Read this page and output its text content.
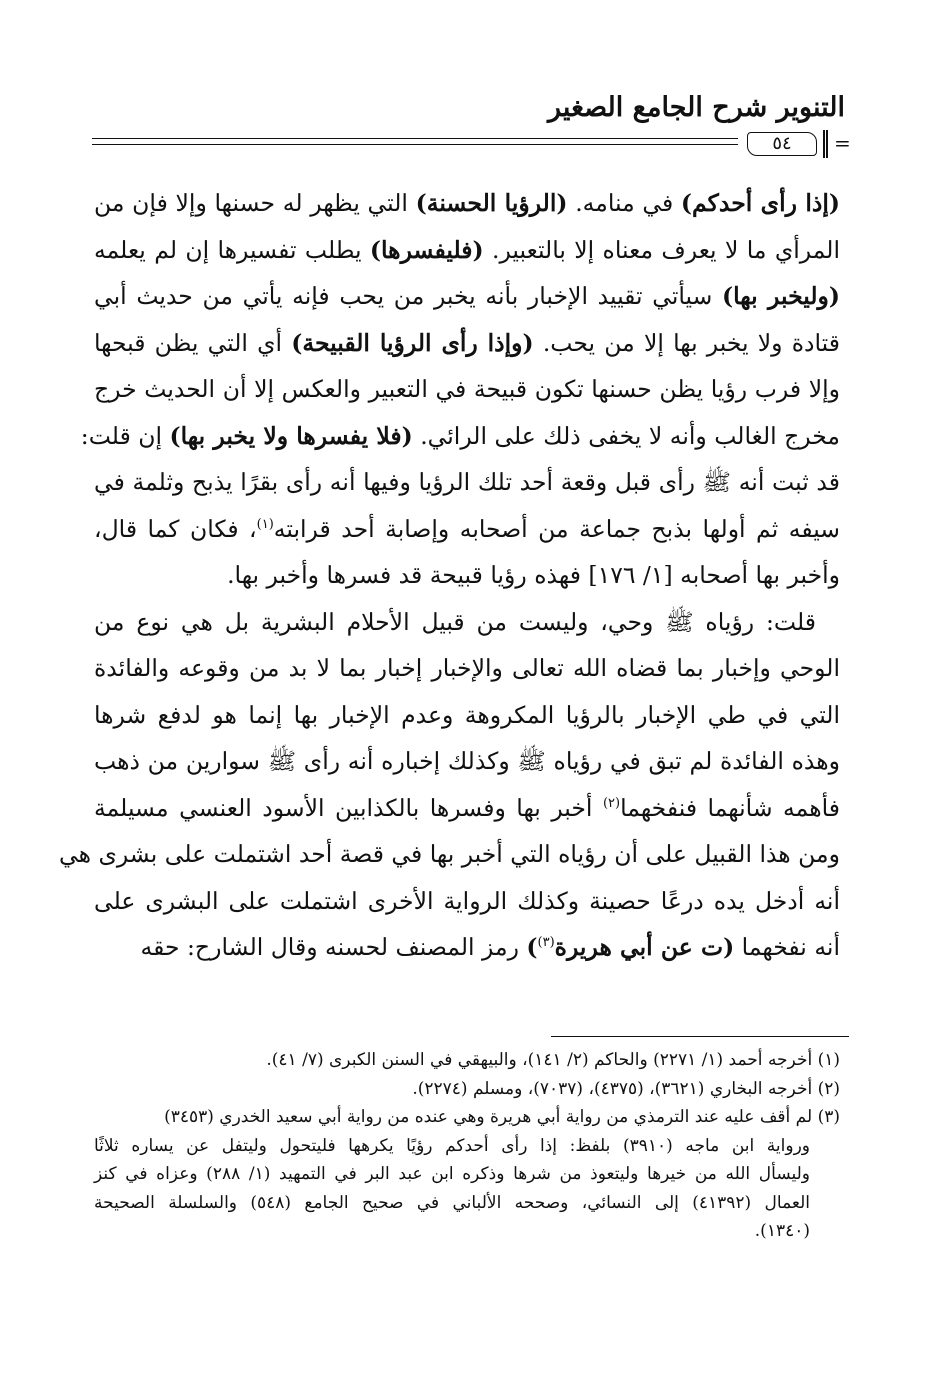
التنوير شرح الجامع الصغير
٥٤	=
(إذا رأى أحدكم) في منامه. (الرؤيا الحسنة) التي يظهر له حسنها وإلا فإن من
المرأي ما لا يعرف معناه إلا بالتعبير. (فليفسرها) يطلب تفسيرها إن لم يعلمه
(وليخبر بها) سيأتي تقييد الإخبار بأنه يخبر من يحب فإنه يأتي من حديث أبي
قتادة ولا يخبر بها إلا من يحب. (وإذا رأى الرؤيا القبيحة) أي التي يظن قبحها
وإلا فرب رؤيا يظن حسنها تكون قبيحة في التعبير والعكس إلا أن الحديث خرج
مخرج الغالب وأنه لا يخفى ذلك على الرائي. (فلا يفسرها ولا يخبر بها) إن قلت:
قد ثبت أنه ﷺ رأى قبل وقعة أحد تلك الرؤيا وفيها أنه رأى بقرًا يذبح وثلمة في
سيفه ثم أولها بذبح جماعة من أصحابه وإصابة أحد قرابته$^{(١)}$، فكان كما قال،
وأخبر بها أصحابه [١/ ١٧٦] فهذه رؤيا قبيحة قد فسرها وأخبر بها.
قلت: رؤياه ﷺ وحي، وليست من قبيل الأحلام البشرية بل هي نوع من
الوحي وإخبار بما قضاه الله تعالى والإخبار إخبار بما لا بد من وقوعه والفائدة
التي في طي الإخبار بالرؤيا المكروهة وعدم الإخبار بها إنما هو لدفع شرها
وهذه الفائدة لم تبق في رؤياه ﷺ وكذلك إخباره أنه رأى ﷺ سوارين من ذهب
فأهمه شأنهما فنفخهما$^{(٢)}$ أخبر بها وفسرها بالكذابين الأسود العنسي مسيلمة
ومن هذا القبيل على أن رؤياه التي أخبر بها في قصة أحد اشتملت على بشرى هي
أنه أدخل يده درعًا حصينة وكذلك الرواية الأخرى اشتملت على البشرى على
أنه نفخهما (ت عن أبي هريرة$^{(٣)}$) رمز المصنف لحسنه وقال الشارح: حقه
(١) أخرجه أحمد (١/ ٢٢٧١) والحاكم (٢/ ١٤١)، والبيهقي في السنن الكبرى (٧/ ٤١).
(٢) أخرجه البخاري (٣٦٢١)، (٤٣٧٥)، (٧٠٣٧)، ومسلم (٢٢٧٤).
(٣) لم أقف عليه عند الترمذي من رواية أبي هريرة وهي عنده من رواية أبي سعيد الخدري (٣٤٥٣)
ورواية ابن ماجه (٣٩١٠) بلفظ: إذا رأى أحدكم رؤيًا يكرهها فليتحول وليتفل عن يساره ثلاثًا
وليسأل الله من خيرها وليتعوذ من شرها وذكره ابن عبد البر في التمهيد (١/ ٢٨٨) وعزاه في كنز
العمال (٤١٣٩٢) إلى النسائي، وصححه الألباني في صحيح الجامع (٥٤٨) والسلسلة الصحيحة
(١٣٤٠).
